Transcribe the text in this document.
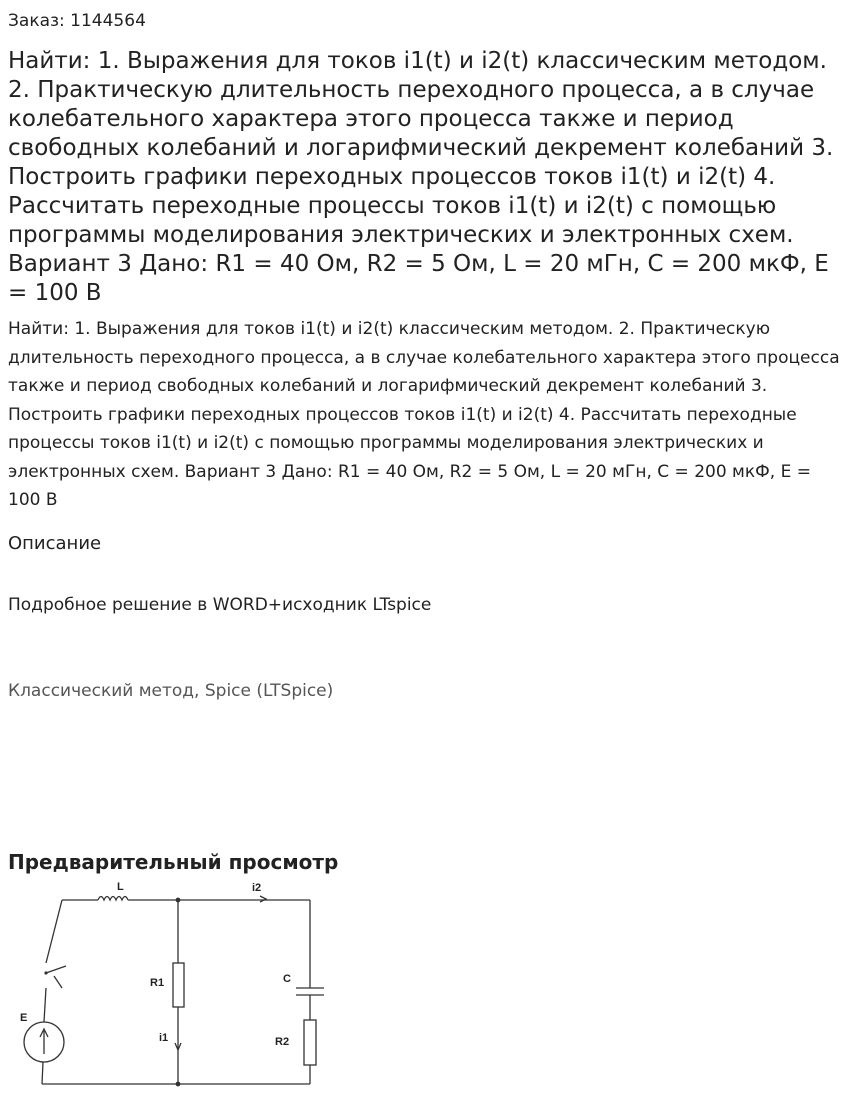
Заказ: 1144564
Найти: 1. Выражения для токов i1(t) и i2(t) классическим методом. 2. Практическую длительность переходного процесса, а в случае колебательного характера этого процесса также и период свободных колебаний и логарифмический декремент колебаний 3. Построить графики переходных процессов токов i1(t) и i2(t) 4. Рассчитать переходные процессы токов i1(t) и i2(t) с помощью программы моделирования электрических и электронных схем. Вариант 3 Дано: R1 = 40 Ом, R2 = 5 Ом, L = 20 мГн, C = 200 мкФ, E = 100 В

Найти: 1. Выражения для токов i1(t) и i2(t) классическим методом. 2. Практическую длительность переходного процесса, а в случае колебательного характера этого процесса также и период свободных колебаний и логарифмический декремент колебаний 3. Построить графики переходных процессов токов i1(t) и i2(t) 4. Рассчитать переходные процессы токов i1(t) и i2(t) с помощью программы моделирования электрических и электронных схем. Вариант 3 Дано: R1 = 40 Ом, R2 = 5 Ом, L = 20 мГн, C = 200 мкФ, E = 100 В

Описание
Подробное решение в WORD+исходник LTspice
Классический метод, Spice (LTSpice)
Предварительный просмотр
L	i2
R1	C
E
i1	R2
